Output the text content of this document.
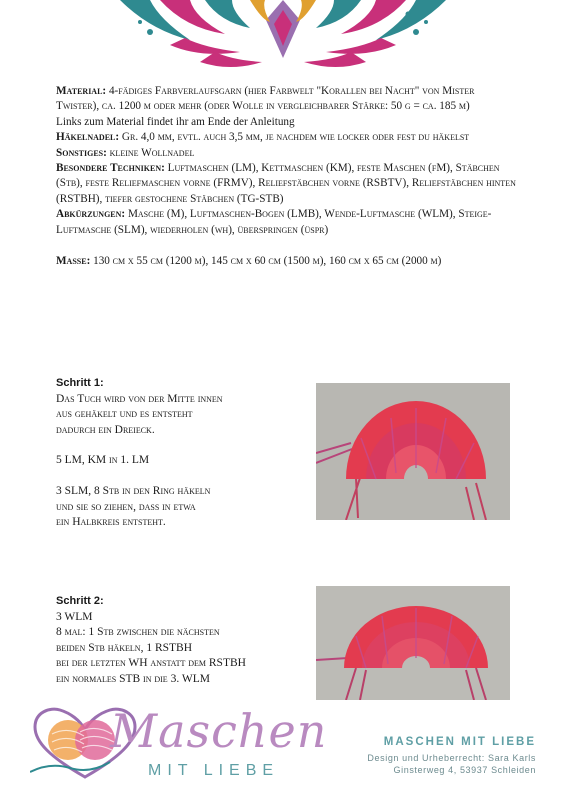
Material: 4-fädiges Farbverlaufsgarn (hier Farbwelt "Korallen bei Nacht" von Mister Twister), ca. 1200 m oder mehr (oder Wolle in vergleichbarer Stärke: 50 g = ca. 185 m)

Links zum Material findet ihr am Ende der Anleitung

Häkelnadel: Gr. 4,0 mm, evtl. auch 3,5 mm, je nachdem wie locker oder fest du häkelst

Sonstiges: kleine Wollnadel

Besondere Techniken: Luftmaschen (LM), Kettmaschen (KM), feste Maschen (fM), Stäbchen (Stb), feste Reliefmaschen vorne (FRMV), Reliefstäbchen vorne (RSBTV), Reliefstäbchen hinten (RSTBH), tiefer gestochene Stäbchen (TG-STB)

Abkürzungen: Masche (M), Luftmaschen-Bogen (LMB), Wende-Luftmasche (WLM), Steige-Luftmasche (SLM), wiederholen (wh), überspringen (üspr)

Masse: 130 cm x 55 cm (1200 m), 145 cm x 60 cm (1500 m), 160 cm x 65 cm (2000 m)

Schritt 1:

Das Tuch wird von der Mitte innen

aus gehäkelt und es entsteht

dadurch ein Dreieck.

5 LM, KM in 1. LM

3 SLM, 8 Stb in den Ring häkeln

und sie so ziehen, dass in etwa

ein Halbkreis entsteht.

Schritt 2:

3 WLM

8 mal: 1 Stb zwischen die nächsten

beiden Stb häkeln, 1 RSTBH

bei der letzten WH anstatt dem RSTBH

ein normales STB in die 3. WLM

Maschen
MIT LIEBE
MASCHEN MIT LIEBE
Design und Urheberrecht: Sara Karls
Ginsterweg 4, 53937 Schleiden
